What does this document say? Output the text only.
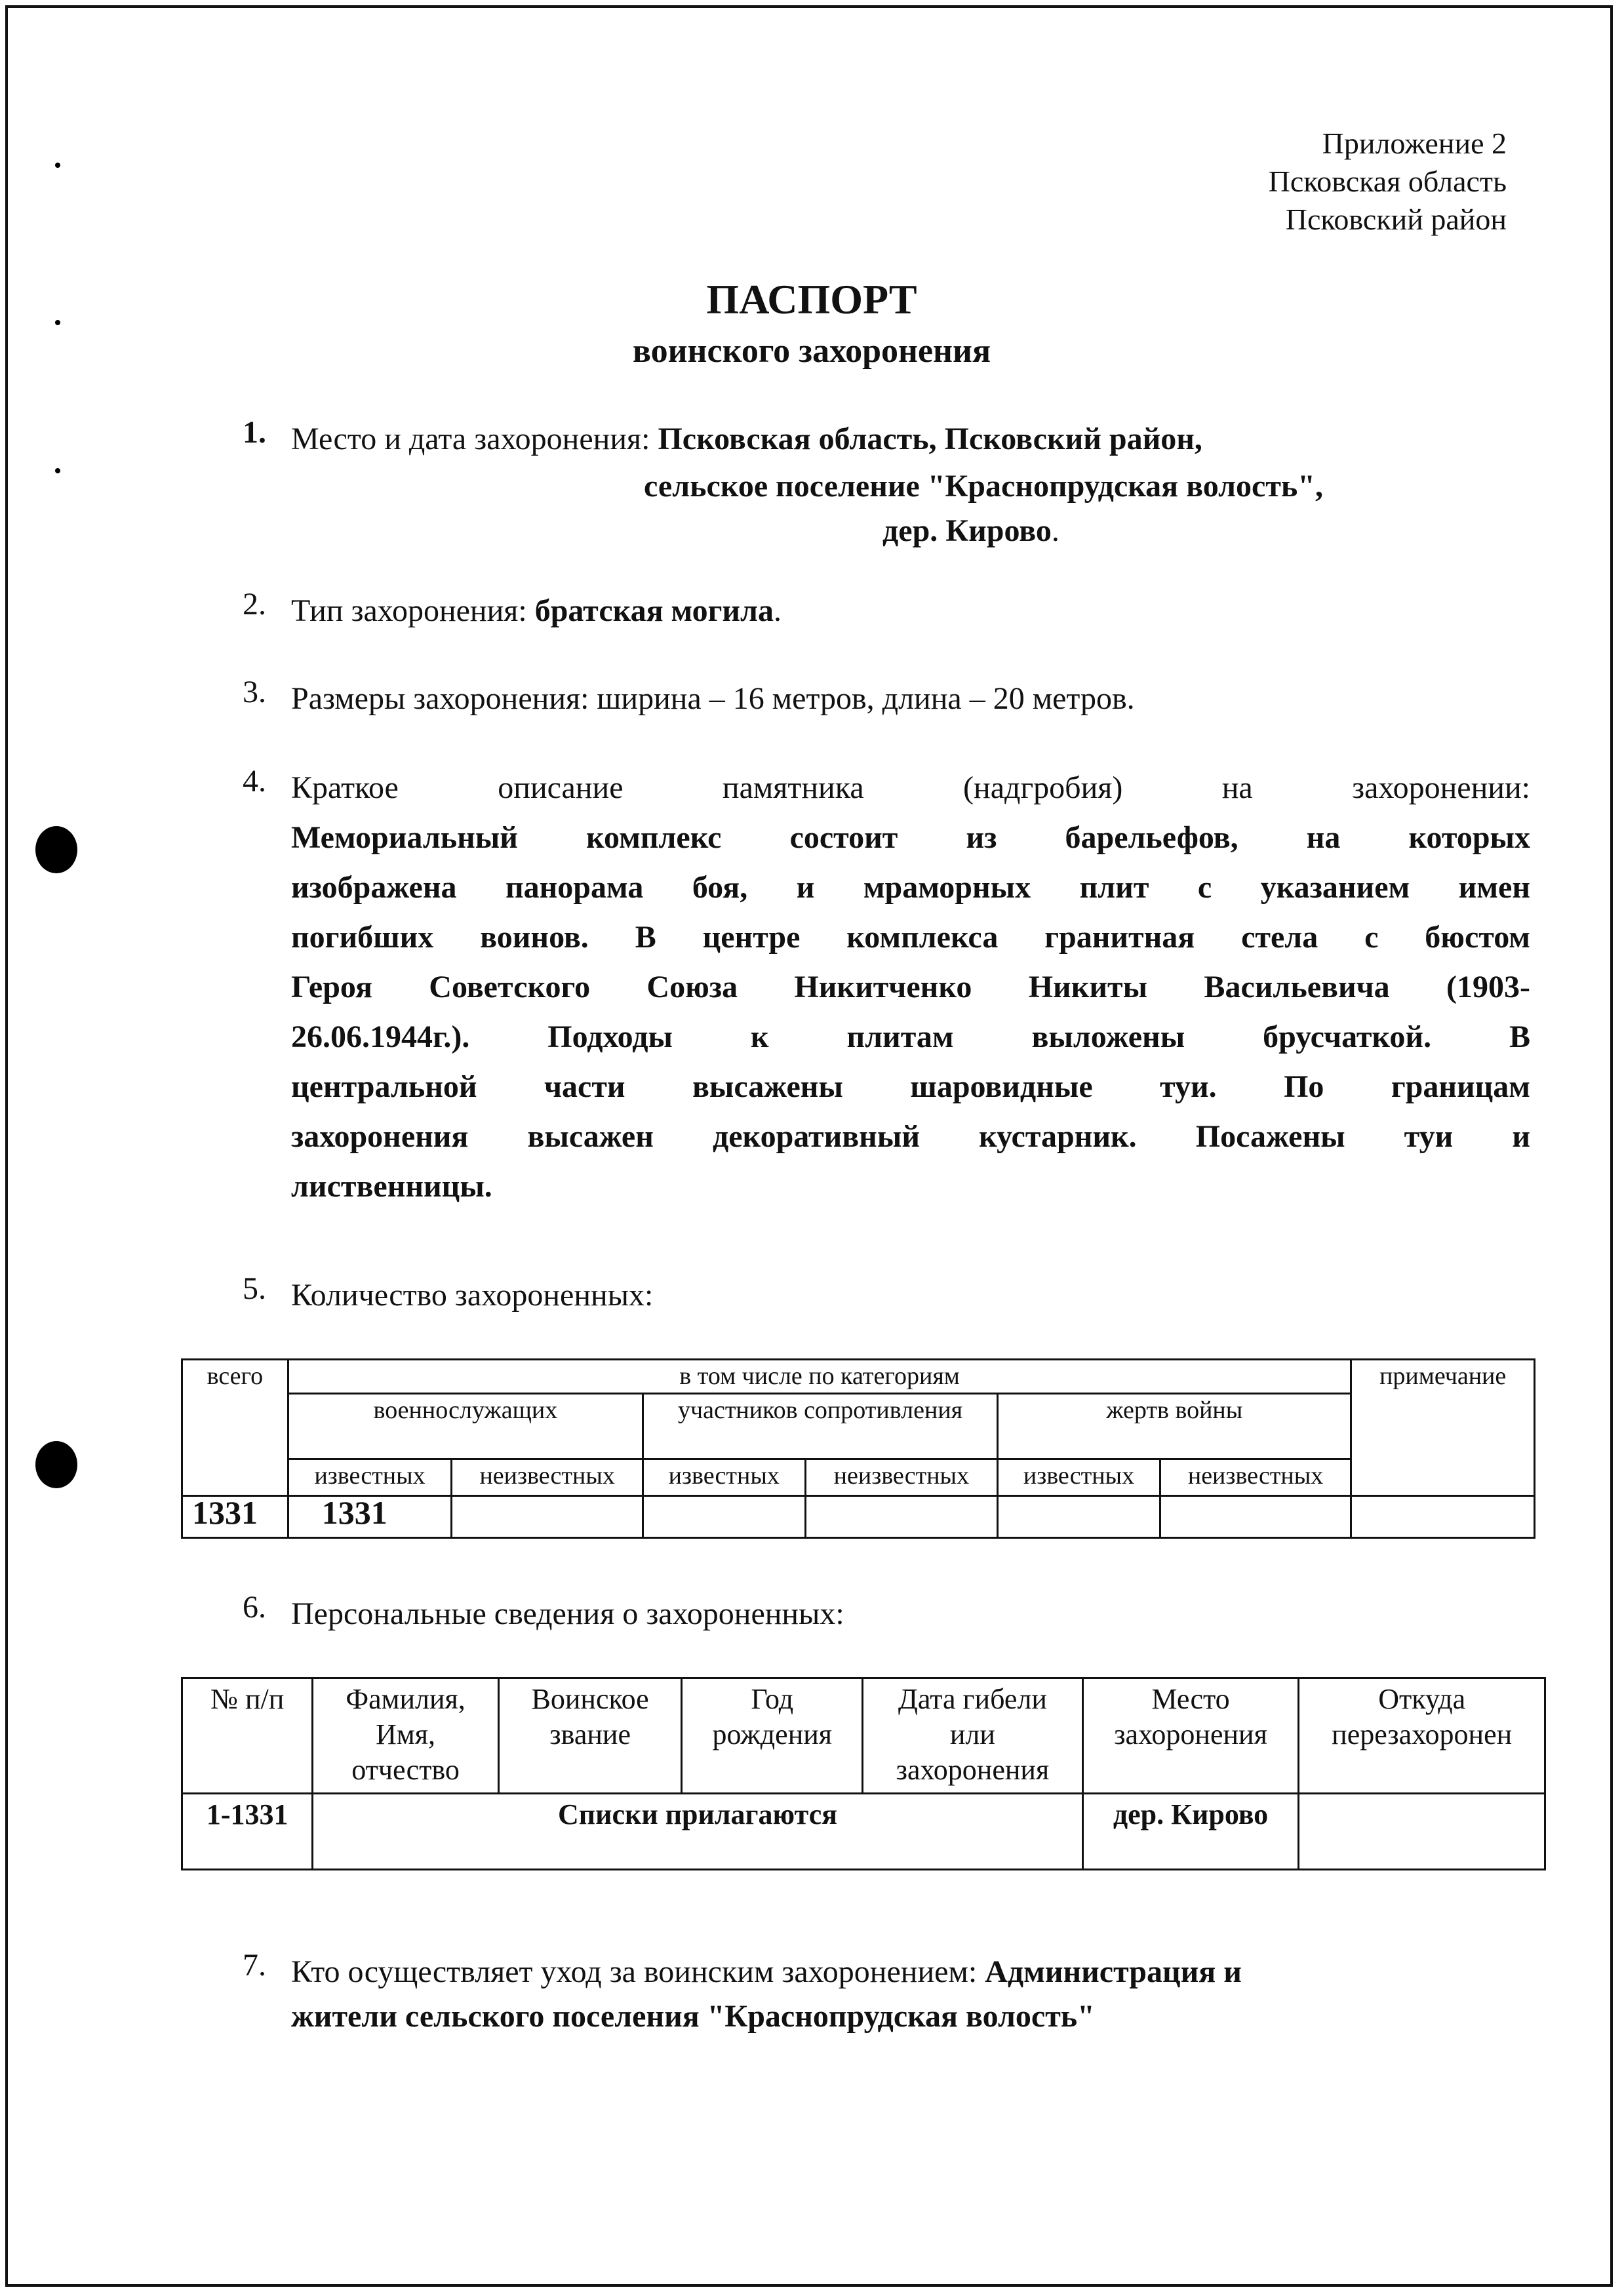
Приложение 2
Псковская область
Псковский район
ПАСПОРТ
воинского захоронения
1. Место и дата захоронения: Псковская область, Псковский район,
сельское поселение "Краснопрудская волость",
дер. Кирово.
2. Тип захоронения: братская могила.
3. Размеры захоронения: ширина – 16 метров, длина – 20 метров.
4. Краткое описание памятника (надгробия) на захоронении:
Мемориальный комплекс состоит из барельефов, на которых
изображена панорама боя, и мраморных плит с указанием имен
погибших воинов. В центре комплекса гранитная стела с бюстом
Героя Советского Союза Никитченко Никиты Васильевича (1903-
26.06.1944г.). Подходы к плитам выложены брусчаткой. В
центральной части высажены шаровидные туи. По границам
захоронения высажен декоративный кустарник. Посажены туи и
лиственницы.
5. Количество захороненных:
всего	в том числе по категориям						примечание
	военнослужащих		участников сопротивления		жертв войны		
	известных	неизвестных	известных	неизвестных	известных	неизвестных	
1331	1331						
6. Персональные сведения о захороненных:
№ п/п	Фамилия, Имя, отчество	Воинское звание	Год рождения	Дата гибели или захоронения	Место захоронения	Откуда перезахоронен
1-1331	Списки прилагаются				дер. Кирово	
7. Кто осуществляет уход за воинским захоронением: Администрация и
жители сельского поселения "Краснопрудская волость"
